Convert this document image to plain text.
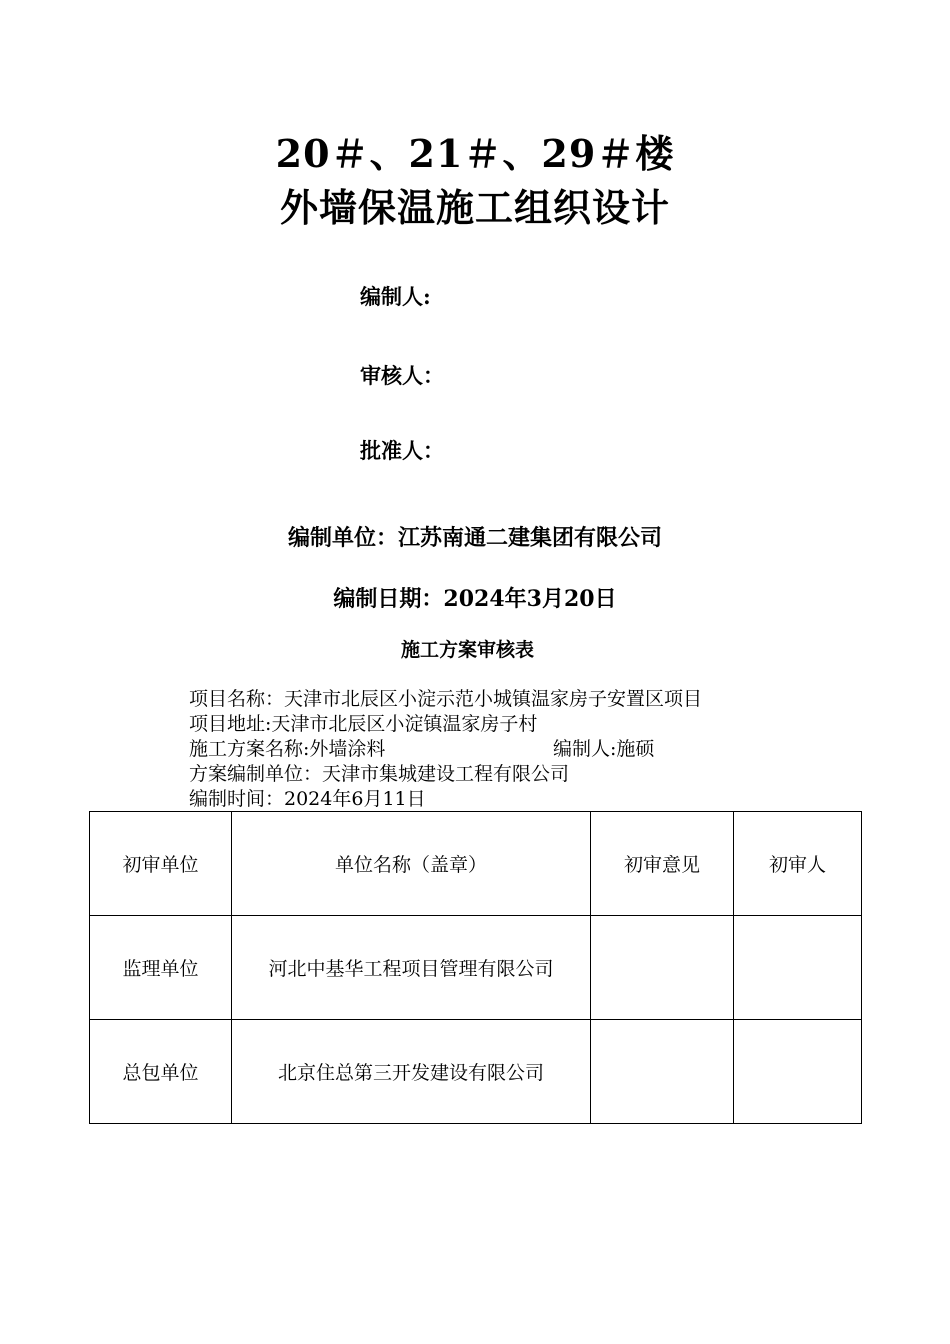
20＃、21＃、29＃楼
外墙保温施工组织设计
编制人:
审核人：
批准人：
编制单位：江苏南通二建集团有限公司
编制日期：2024年3月20日
施工方案审核表
项目名称：天津市北辰区小淀示范小城镇温家房子安置区项目
项目地址:天津市北辰区小淀镇温家房子村
施工方案名称:外墙涂料	编制人:施硕
方案编制单位：天津市集城建设工程有限公司
编制时间：2024年6月11日
初审单位	单位名称（盖章）	初审意见	初审人
监理单位	河北中基华工程项目管理有限公司		
总包单位	北京住总第三开发建设有限公司		
